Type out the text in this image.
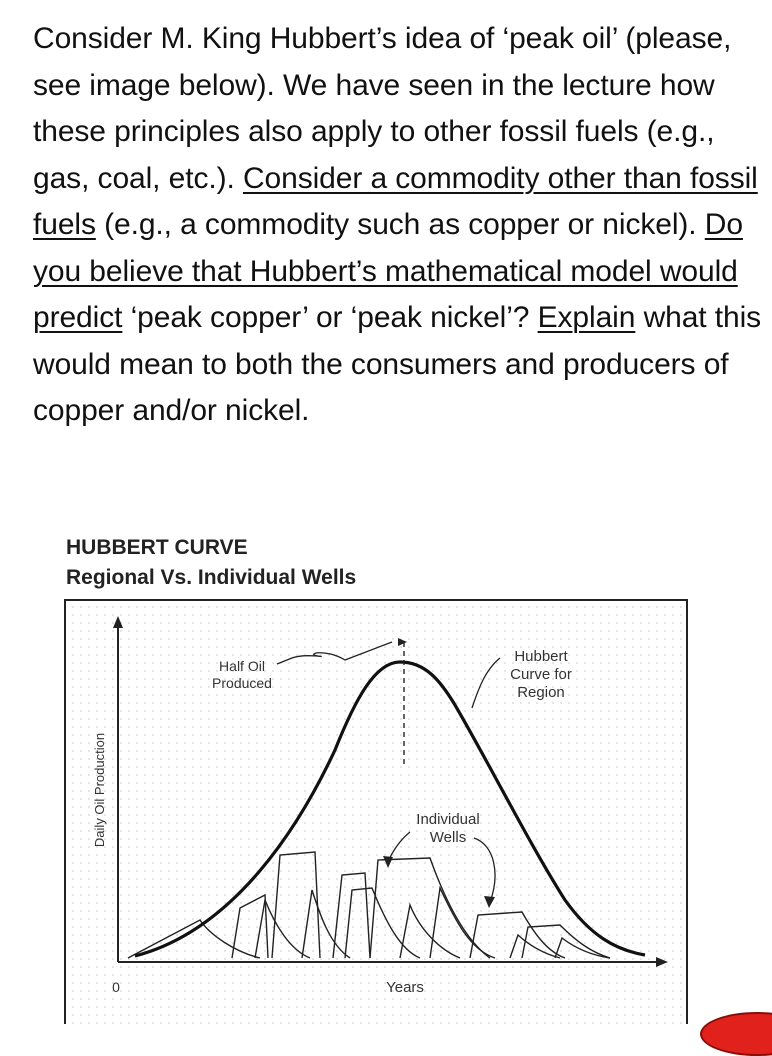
Consider M. King Hubbert’s idea of ‘peak oil’ (please, see image below). We have seen in the lecture how these principles also apply to other fossil fuels (e.g., gas, coal, etc.). Consider a commodity other than fossil fuels (e.g., a commodity such as copper or nickel). Do you believe that Hubbert’s mathematical model would predict ‘peak copper’ or ‘peak nickel’? Explain what this would mean to both the consumers and producers of copper and/or nickel.

HUBBERT CURVE
Regional Vs. Individual Wells
Half Oil
Produced
Hubbert
Curve for
Region
Individual
Wells
Daily Oil Production
Years
0
